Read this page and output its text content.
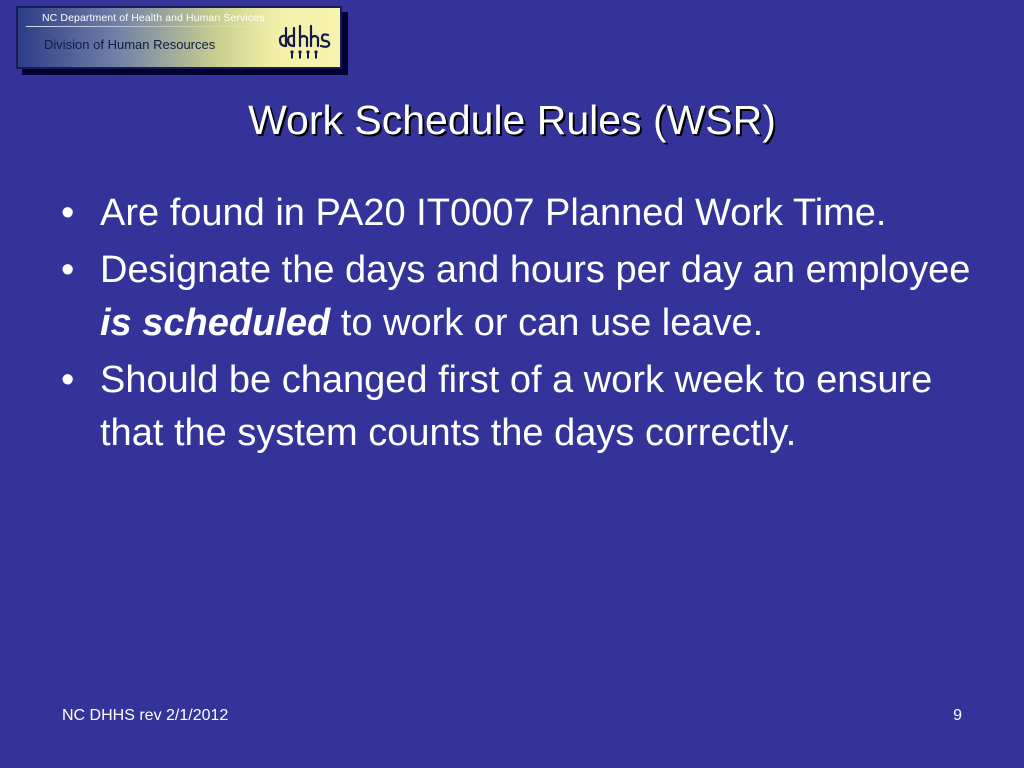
NC Department of Health and Human Services
Division of Human Resources
Work Schedule Rules (WSR)
• Are found in PA20 IT0007 Planned Work Time.
• Designate the days and hours per day an employee is scheduled to work or can use leave.
• Should be changed first of a work week to ensure that the system counts the days correctly.
NC DHHS rev 2/1/2012	9
